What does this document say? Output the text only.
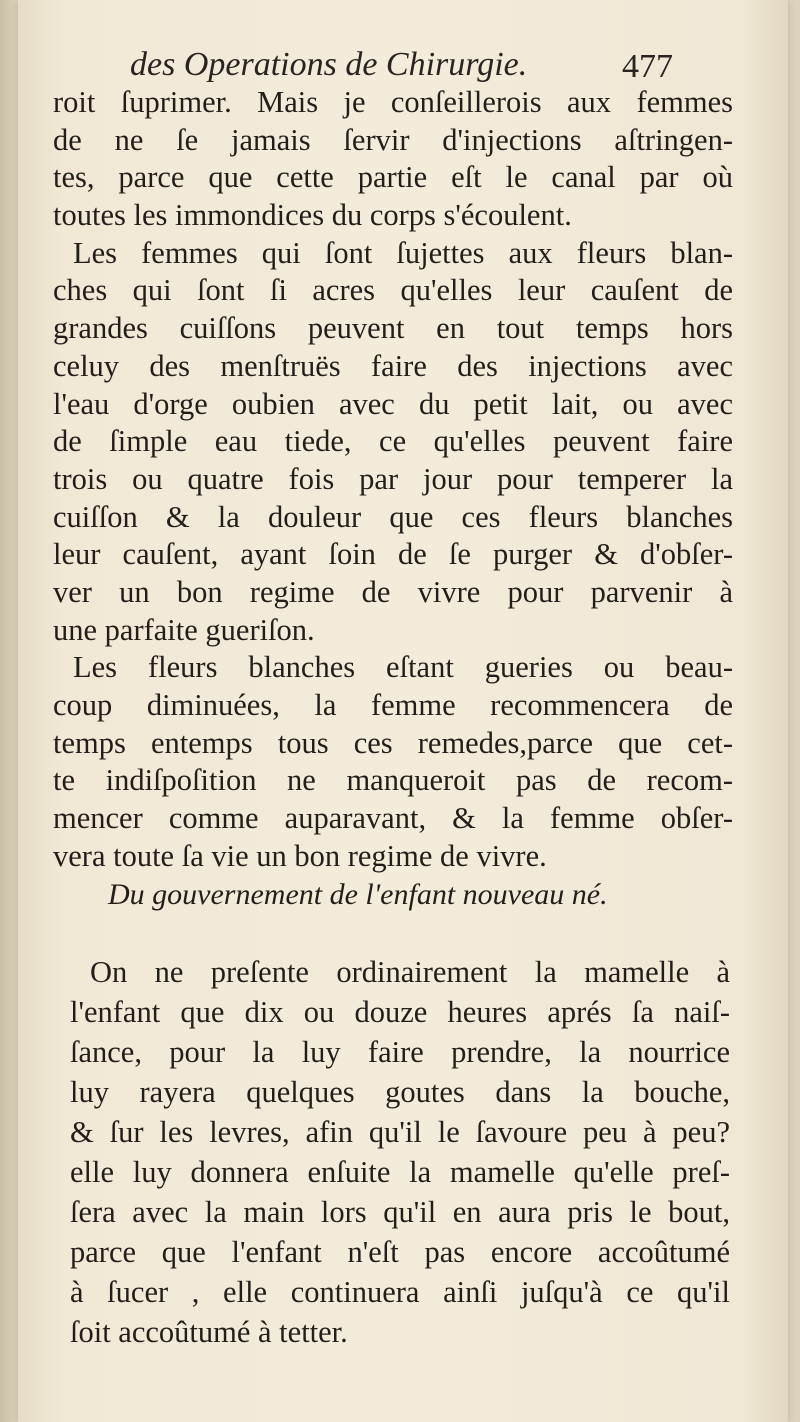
des Operations de Chirurgie.	477
roit ſuprimer. Mais je conſeillerois aux femmes
de ne ſe jamais ſervir d'injections aſtringen-
tes, parce que cette partie eſt le canal par où
toutes les immondices du corps s'écoulent.
Les femmes qui ſont ſujettes aux fleurs blan-
ches qui ſont ſi acres qu'elles leur cauſent de
grandes cuiſſons peuvent en tout temps hors
celuy des menſtruës faire des injections avec
l'eau d'orge oubien avec du petit lait, ou avec
de ſimple eau tiede, ce qu'elles peuvent faire
trois ou quatre fois par jour pour temperer la
cuiſſon & la douleur que ces fleurs blanches
leur cauſent, ayant ſoin de ſe purger & d'obſer-
ver un bon regime de vivre pour parvenir à
une parfaite gueriſon.
Les fleurs blanches eſtant gueries ou beau-
coup diminuées, la femme recommencera de
temps entemps tous ces remedes,parce que cet-
te indiſpoſition ne manqueroit pas de recom-
mencer comme auparavant, & la femme obſer-
vera toute ſa vie un bon regime de vivre.
Du gouvernement de l'enfant nouveau né.
On ne preſente ordinairement la mamelle à
l'enfant que dix ou douze heures aprés ſa naiſ-
ſance, pour la luy faire prendre, la nourrice
luy rayera quelques goutes dans la bouche,
& ſur les levres, afin qu'il le ſavoure peu à peu?
elle luy donnera enſuite la mamelle qu'elle preſ-
ſera avec la main lors qu'il en aura pris le bout,
parce que l'enfant n'eſt pas encore accoûtumé
à ſucer , elle continuera ainſi juſqu'à ce qu'il
ſoit accoûtumé à tetter.
